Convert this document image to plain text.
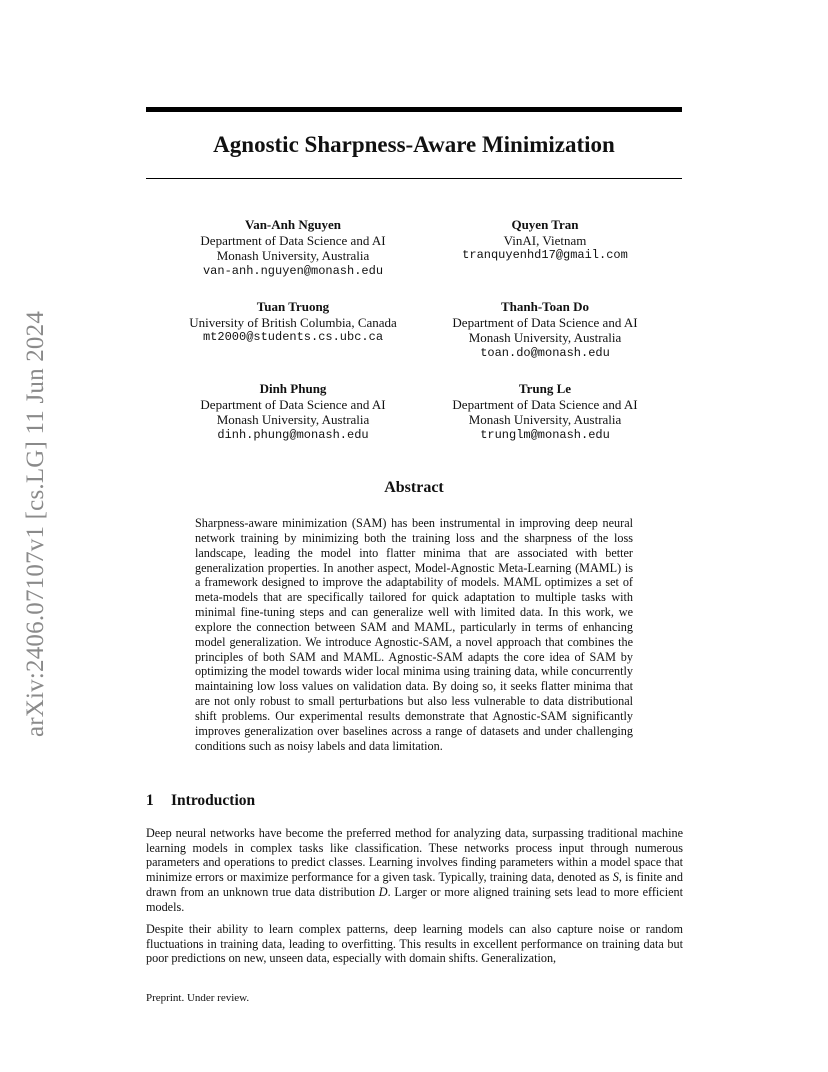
arXiv:2406.07107v1 [cs.LG] 11 Jun 2024
Agnostic Sharpness-Aware Minimization
Van-Anh Nguyen
Department of Data Science and AI
Monash University, Australia
van-anh.nguyen@monash.edu
Quyen Tran
VinAI, Vietnam
tranquyenhd17@gmail.com
Tuan Truong
University of British Columbia, Canada
mt2000@students.cs.ubc.ca
Thanh-Toan Do
Department of Data Science and AI
Monash University, Australia
toan.do@monash.edu
Dinh Phung
Department of Data Science and AI
Monash University, Australia
dinh.phung@monash.edu
Trung Le
Department of Data Science and AI
Monash University, Australia
trunglm@monash.edu
Abstract
Sharpness-aware minimization (SAM) has been instrumental in improving deep neural network training by minimizing both the training loss and the sharpness of the loss landscape, leading the model into flatter minima that are associated with better generalization properties. In another aspect, Model-Agnostic Meta-Learning (MAML) is a framework designed to improve the adaptability of models. MAML optimizes a set of meta-models that are specifically tailored for quick adaptation to multiple tasks with minimal fine-tuning steps and can generalize well with limited data. In this work, we explore the connection between SAM and MAML, particularly in terms of enhancing model generalization. We introduce Agnostic-SAM, a novel approach that combines the principles of both SAM and MAML. Agnostic-SAM adapts the core idea of SAM by optimizing the model towards wider local minima using training data, while concurrently maintaining low loss values on validation data. By doing so, it seeks flatter minima that are not only robust to small perturbations but also less vulnerable to data distributional shift problems. Our experimental results demonstrate that Agnostic-SAM significantly improves generalization over baselines across a range of datasets and under challenging conditions such as noisy labels and data limitation.
1 Introduction
Deep neural networks have become the preferred method for analyzing data, surpassing traditional machine learning models in complex tasks like classification. These networks process input through numerous parameters and operations to predict classes. Learning involves finding parameters within a model space that minimize errors or maximize performance for a given task. Typically, training data, denoted as S, is finite and drawn from an unknown true data distribution D. Larger or more aligned training sets lead to more efficient models.
Despite their ability to learn complex patterns, deep learning models can also capture noise or random fluctuations in training data, leading to overfitting. This results in excellent performance on training data but poor predictions on new, unseen data, especially with domain shifts. Generalization,
Preprint. Under review.
